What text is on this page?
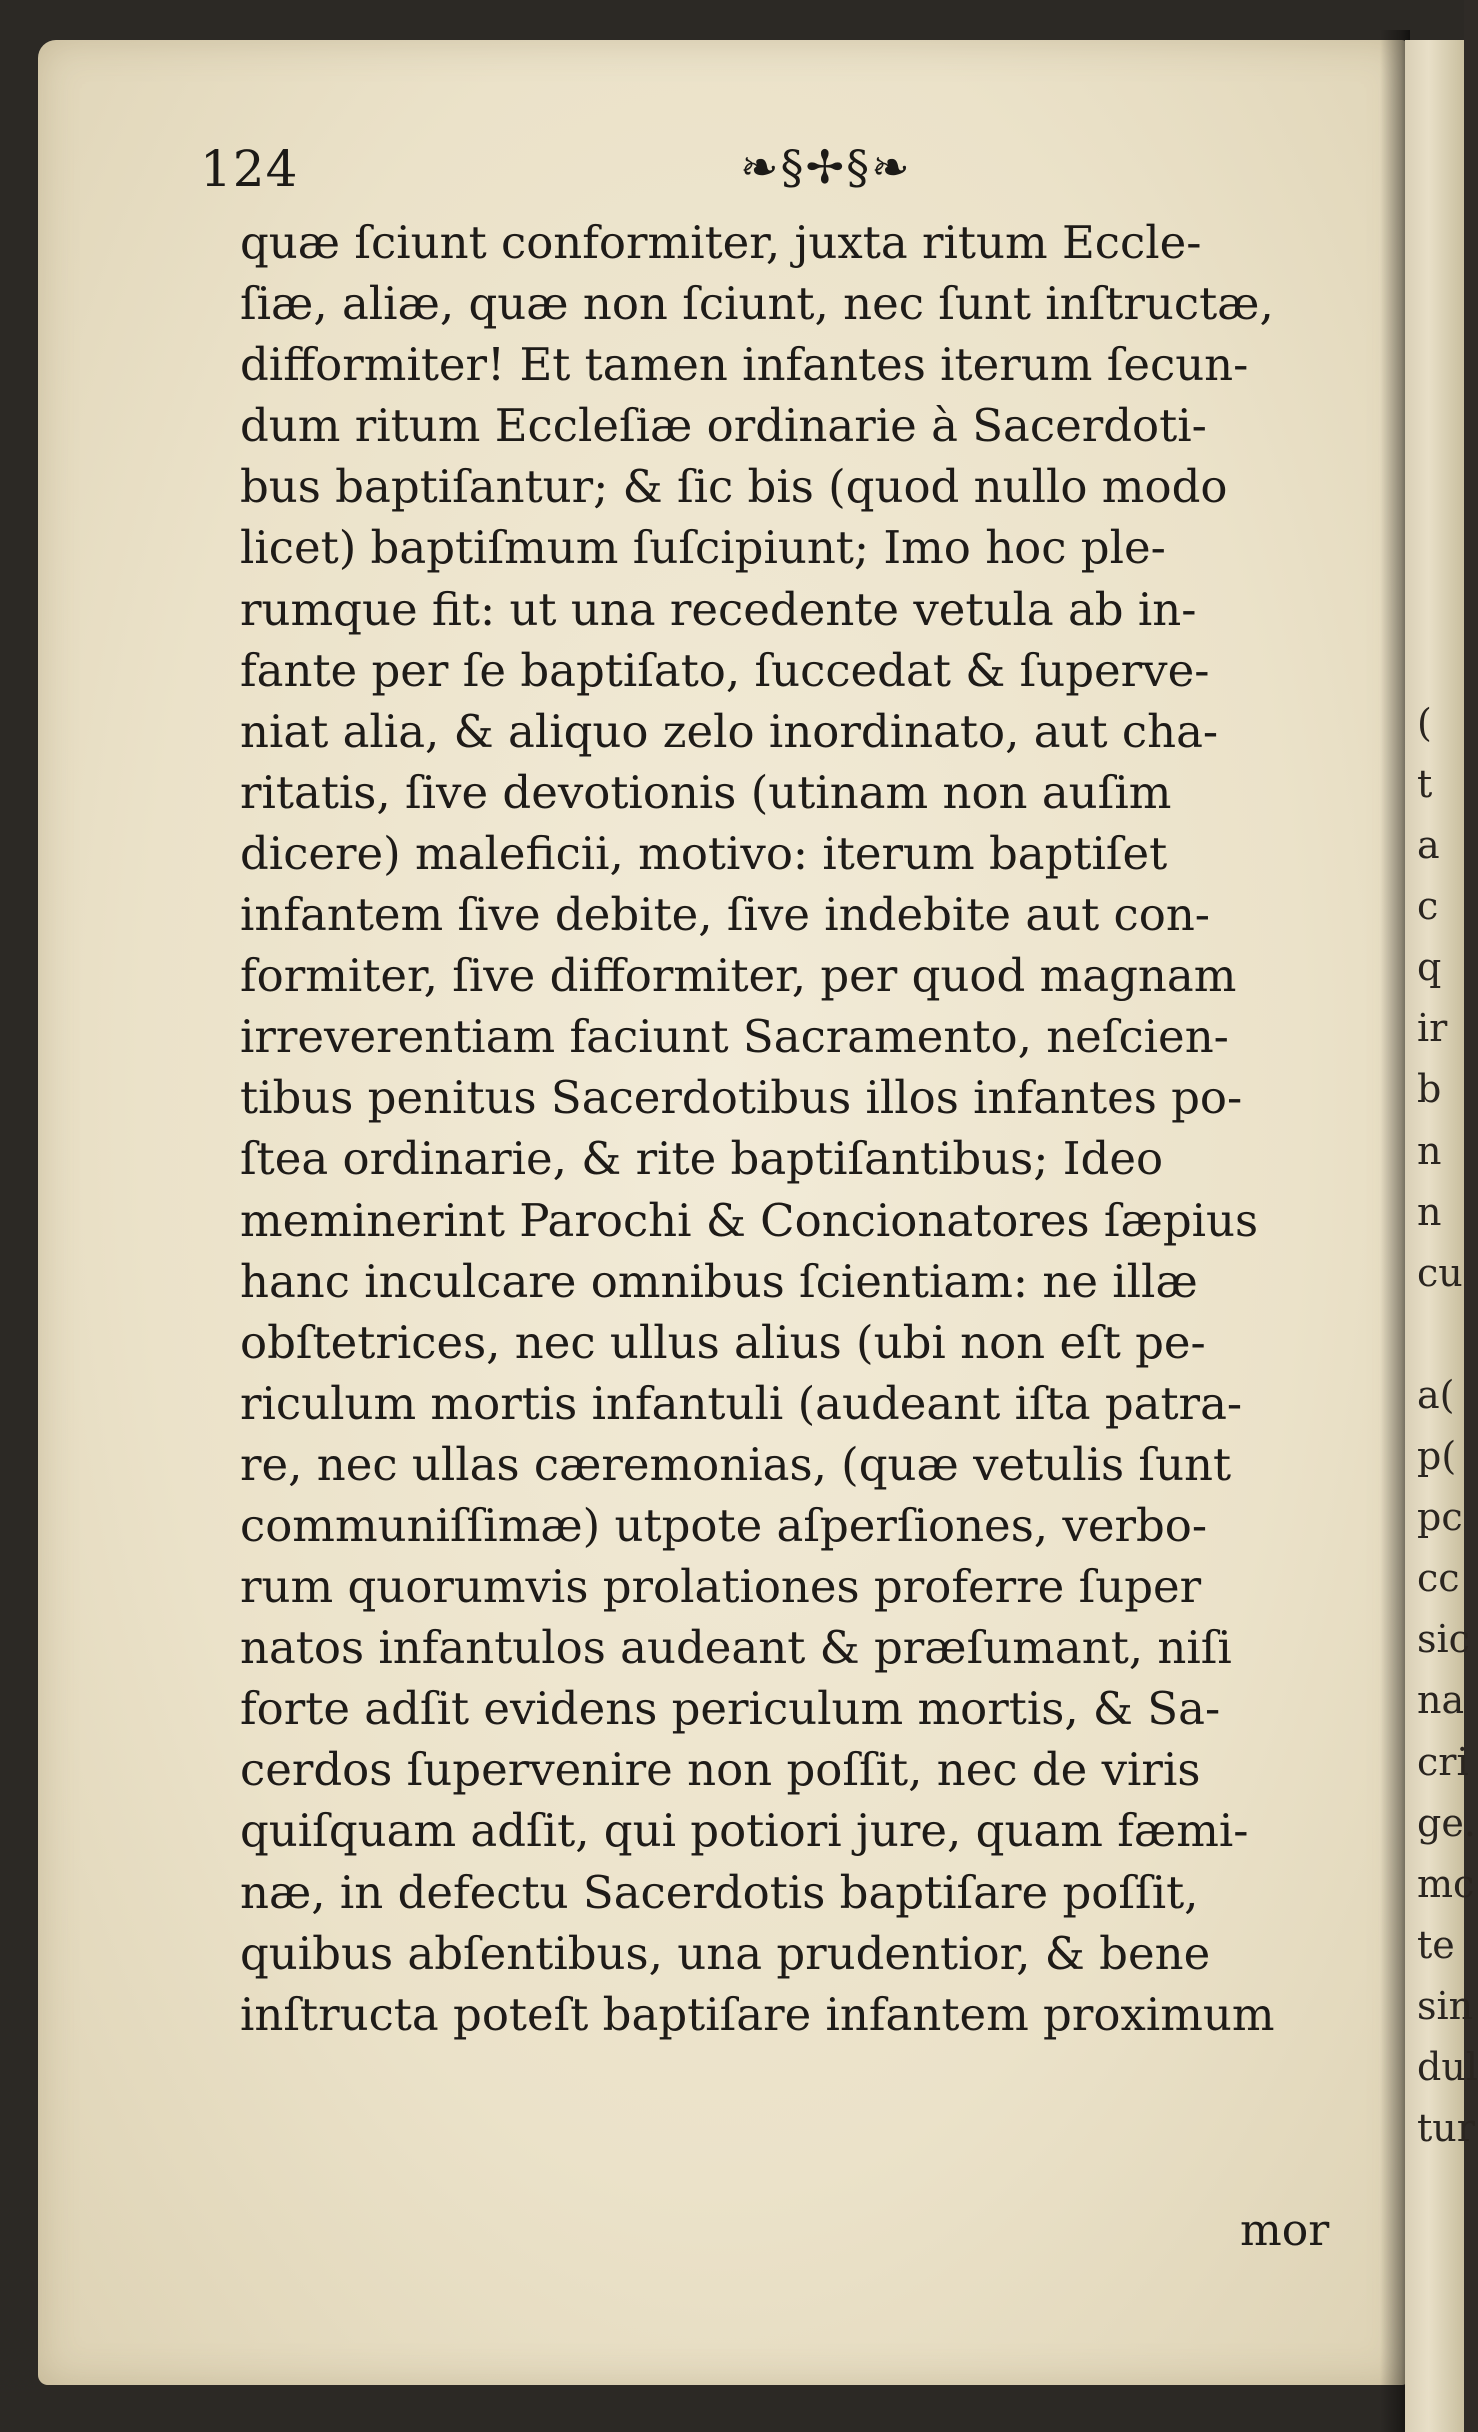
124	❧§✢§❧
quæ ſciunt conformiter, juxta ritum Eccle-
ſiæ, aliæ, quæ non ſciunt, nec ſunt inſtructæ,
difformiter! Et tamen infantes iterum ſecun-
dum ritum Eccleſiæ ordinarie à Sacerdoti-
bus baptiſantur; & ſic bis (quod nullo modo
licet) baptiſmum ſuſcipiunt; Imo hoc ple-
rumque fit: ut una recedente vetula ab in-
fante per ſe baptiſato, ſuccedat & ſuperve-
niat alia, & aliquo zelo inordinato, aut cha-
ritatis, ſive devotionis (utinam non auſim
dicere) maleficii, motivo: iterum baptiſet
infantem ſive debite, ſive indebite aut con-
formiter, ſive difformiter, per quod magnam
irreverentiam faciunt Sacramento, neſcien-
tibus penitus Sacerdotibus illos infantes po-
ſtea ordinarie, & rite baptiſantibus; Ideo
meminerint Parochi & Concionatores ſæpius
hanc inculcare omnibus ſcientiam: ne illæ
obſtetrices, nec ullus alius (ubi non eſt pe-
riculum mortis infantuli (audeant iſta patra-
re, nec ullas cæremonias, (quæ vetulis ſunt
communiſſimæ) utpote aſperſiones, verbo-
rum quorumvis prolationes proferre ſuper
natos infantulos audeant & præſumant, niſi
forte adſit evidens periculum mortis, & Sa-
cerdos ſupervenire non poſſit, nec de viris
quiſquam adſit, qui potiori jure, quam fæmi-
næ, in defectu Sacerdotis baptiſare poſſit,
quibus abſentibus, una prudentior, & bene
inſtructa poteſt baptiſare infantem proximum
mor
(
t
a
c
q
ir
b
n
n
cu
a(
p(
pc
cc
sic
na
cri
ge.
mc
te
sin
dul
tur
